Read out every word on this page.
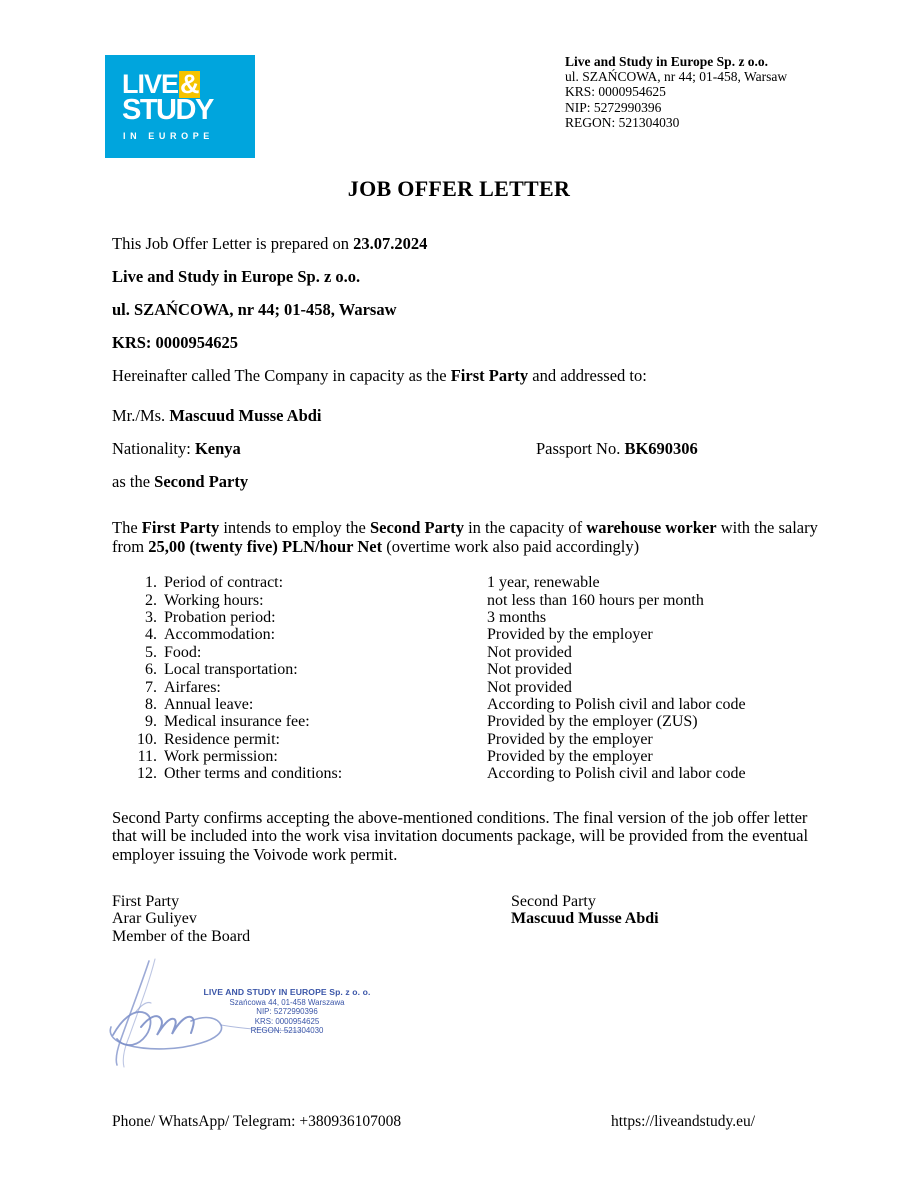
LIVE&
STUDY
IN EUROPE
Live and Study in Europe Sp. z o.o.
ul. SZAŃCOWA, nr 44; 01-458, Warsaw
KRS: 0000954625
NIP: 5272990396
REGON: 521304030
JOB OFFER LETTER

This Job Offer Letter is prepared on 23.07.2024

Live and Study in Europe Sp. z o.o.

ul. SZAŃCOWA, nr 44; 01-458, Warsaw

KRS: 0000954625

Hereinafter called The Company in capacity as the First Party and addressed to:

Mr./Ms. Mascuud Musse Abdi
Nationality: Kenya	Passport No. BK690306
as the Second Party

The First Party intends to employ the Second Party in the capacity of warehouse worker with the salary from 25,00 (twenty five) PLN/hour Net (overtime work also paid accordingly)

1. Period of contract:	1 year, renewable
2. Working hours:	not less than 160 hours per month
3. Probation period:	3 months
4. Accommodation:	Provided by the employer
5. Food:	Not provided
6. Local transportation:	Not provided
7. Airfares:	Not provided
8. Annual leave:	According to Polish civil and labor code
9. Medical insurance fee:	Provided by the employer (ZUS)
10. Residence permit:	Provided by the employer
11. Work permission:	Provided by the employer
12. Other terms and conditions:	According to Polish civil and labor code

Second Party confirms accepting the above-mentioned conditions. The final version of the job offer letter that will be included into the work visa invitation documents package, will be provided from the eventual employer issuing the Voivode work permit.

First Party
Arar Guliyev
Member of the Board
Second Party
Mascuud Musse Abdi
LIVE AND STUDY IN EUROPE Sp. z o. o.
Szańcowa 44, 01-458 Warszawa
NIP: 5272990396
KRS: 0000954625
REGON: 521304030
Phone/ WhatsApp/ Telegram: +380936107008	https://liveandstudy.eu/
